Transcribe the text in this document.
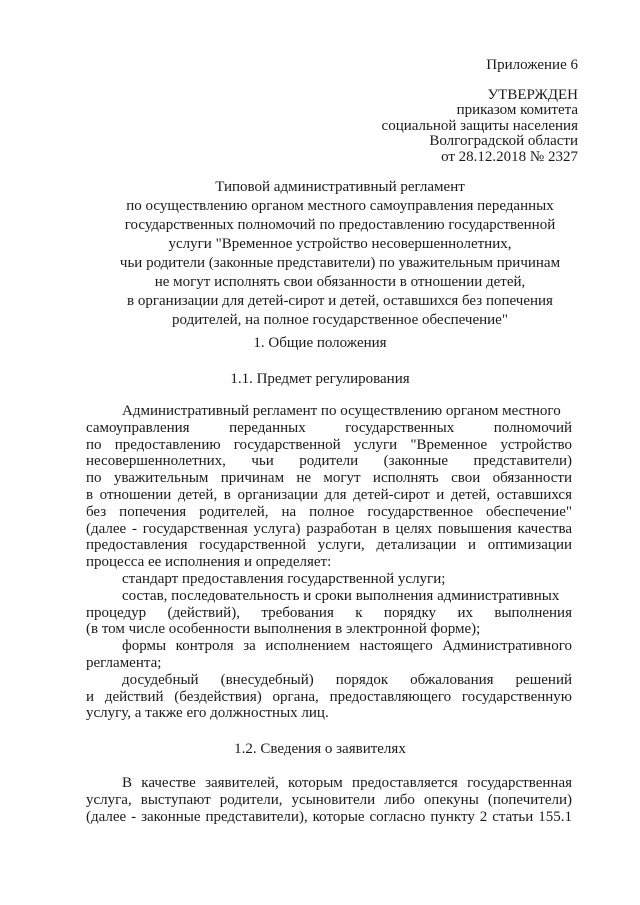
Приложение 6
УТВЕРЖДЕН
приказом комитета
социальной защиты населения
Волгоградской области
от 28.12.2018 № 2327
Типовой административный регламент
по осуществлению органом местного самоуправления переданных
государственных полномочий по предоставлению государственной
услуги "Временное устройство несовершеннолетних,
чьи родители (законные представители) по уважительным причинам
не могут исполнять свои обязанности в отношении детей,
в организации для детей-сирот и детей, оставшихся без попечения
родителей, на полное государственное обеспечение"
1. Общие положения
1.1. Предмет регулирования
Административный регламент по осуществлению органом местного
самоуправления переданных государственных полномочий
по предоставлению государственной услуги "Временное устройство
несовершеннолетних, чьи родители (законные представители)
по уважительным причинам не могут исполнять свои обязанности
в отношении детей, в организации для детей-сирот и детей, оставшихся
без попечения родителей, на полное государственное обеспечение"
(далее - государственная услуга) разработан в целях повышения качества
предоставления государственной услуги, детализации и оптимизации
процесса ее исполнения и определяет:
стандарт предоставления государственной услуги;
состав, последовательность и сроки выполнения административных
процедур (действий), требования к порядку их выполнения
(в том числе особенности выполнения в электронной форме);
формы контроля за исполнением настоящего Административного
регламента;
досудебный (внесудебный) порядок обжалования решений
и действий (бездействия) органа, предоставляющего государственную
услугу, а также его должностных лиц.
1.2. Сведения о заявителях
В качестве заявителей, которым предоставляется государственная
услуга, выступают родители, усыновители либо опекуны (попечители)
(далее - законные представители), которые согласно пункту 2 статьи 155.1
